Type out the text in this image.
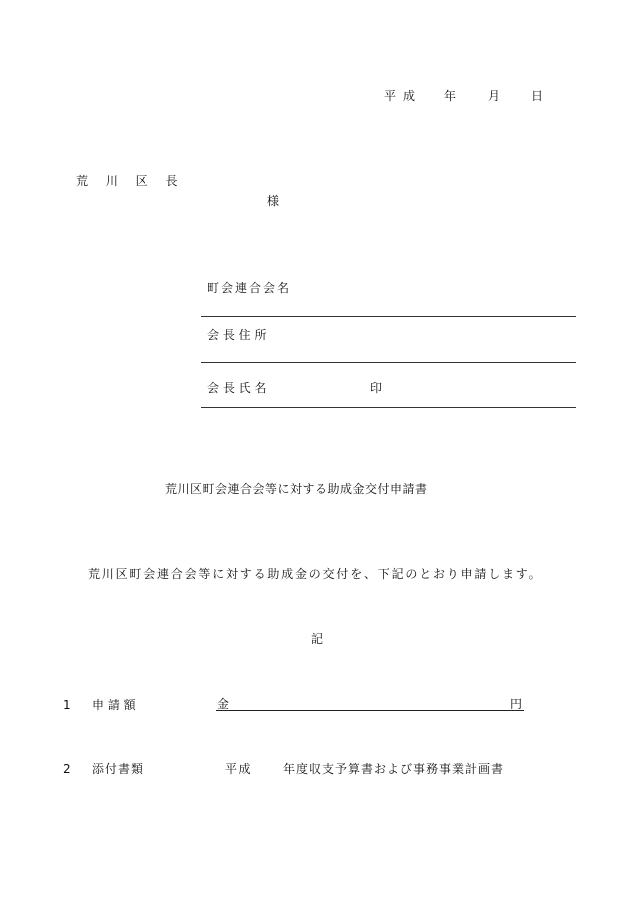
平成 年	月	日
荒 川 区 長
様
町会連合会名
会 長 住 所
会 長 氏 名	印
荒川区町会連合会等に対する助成金交付申請書
荒川区町会連合会等に対する助成金の交付を、下記のとおり申請します。
記
1 申 請 額	金	円
2 添付書類	平成	年度収支予算書および事務事業計画書
